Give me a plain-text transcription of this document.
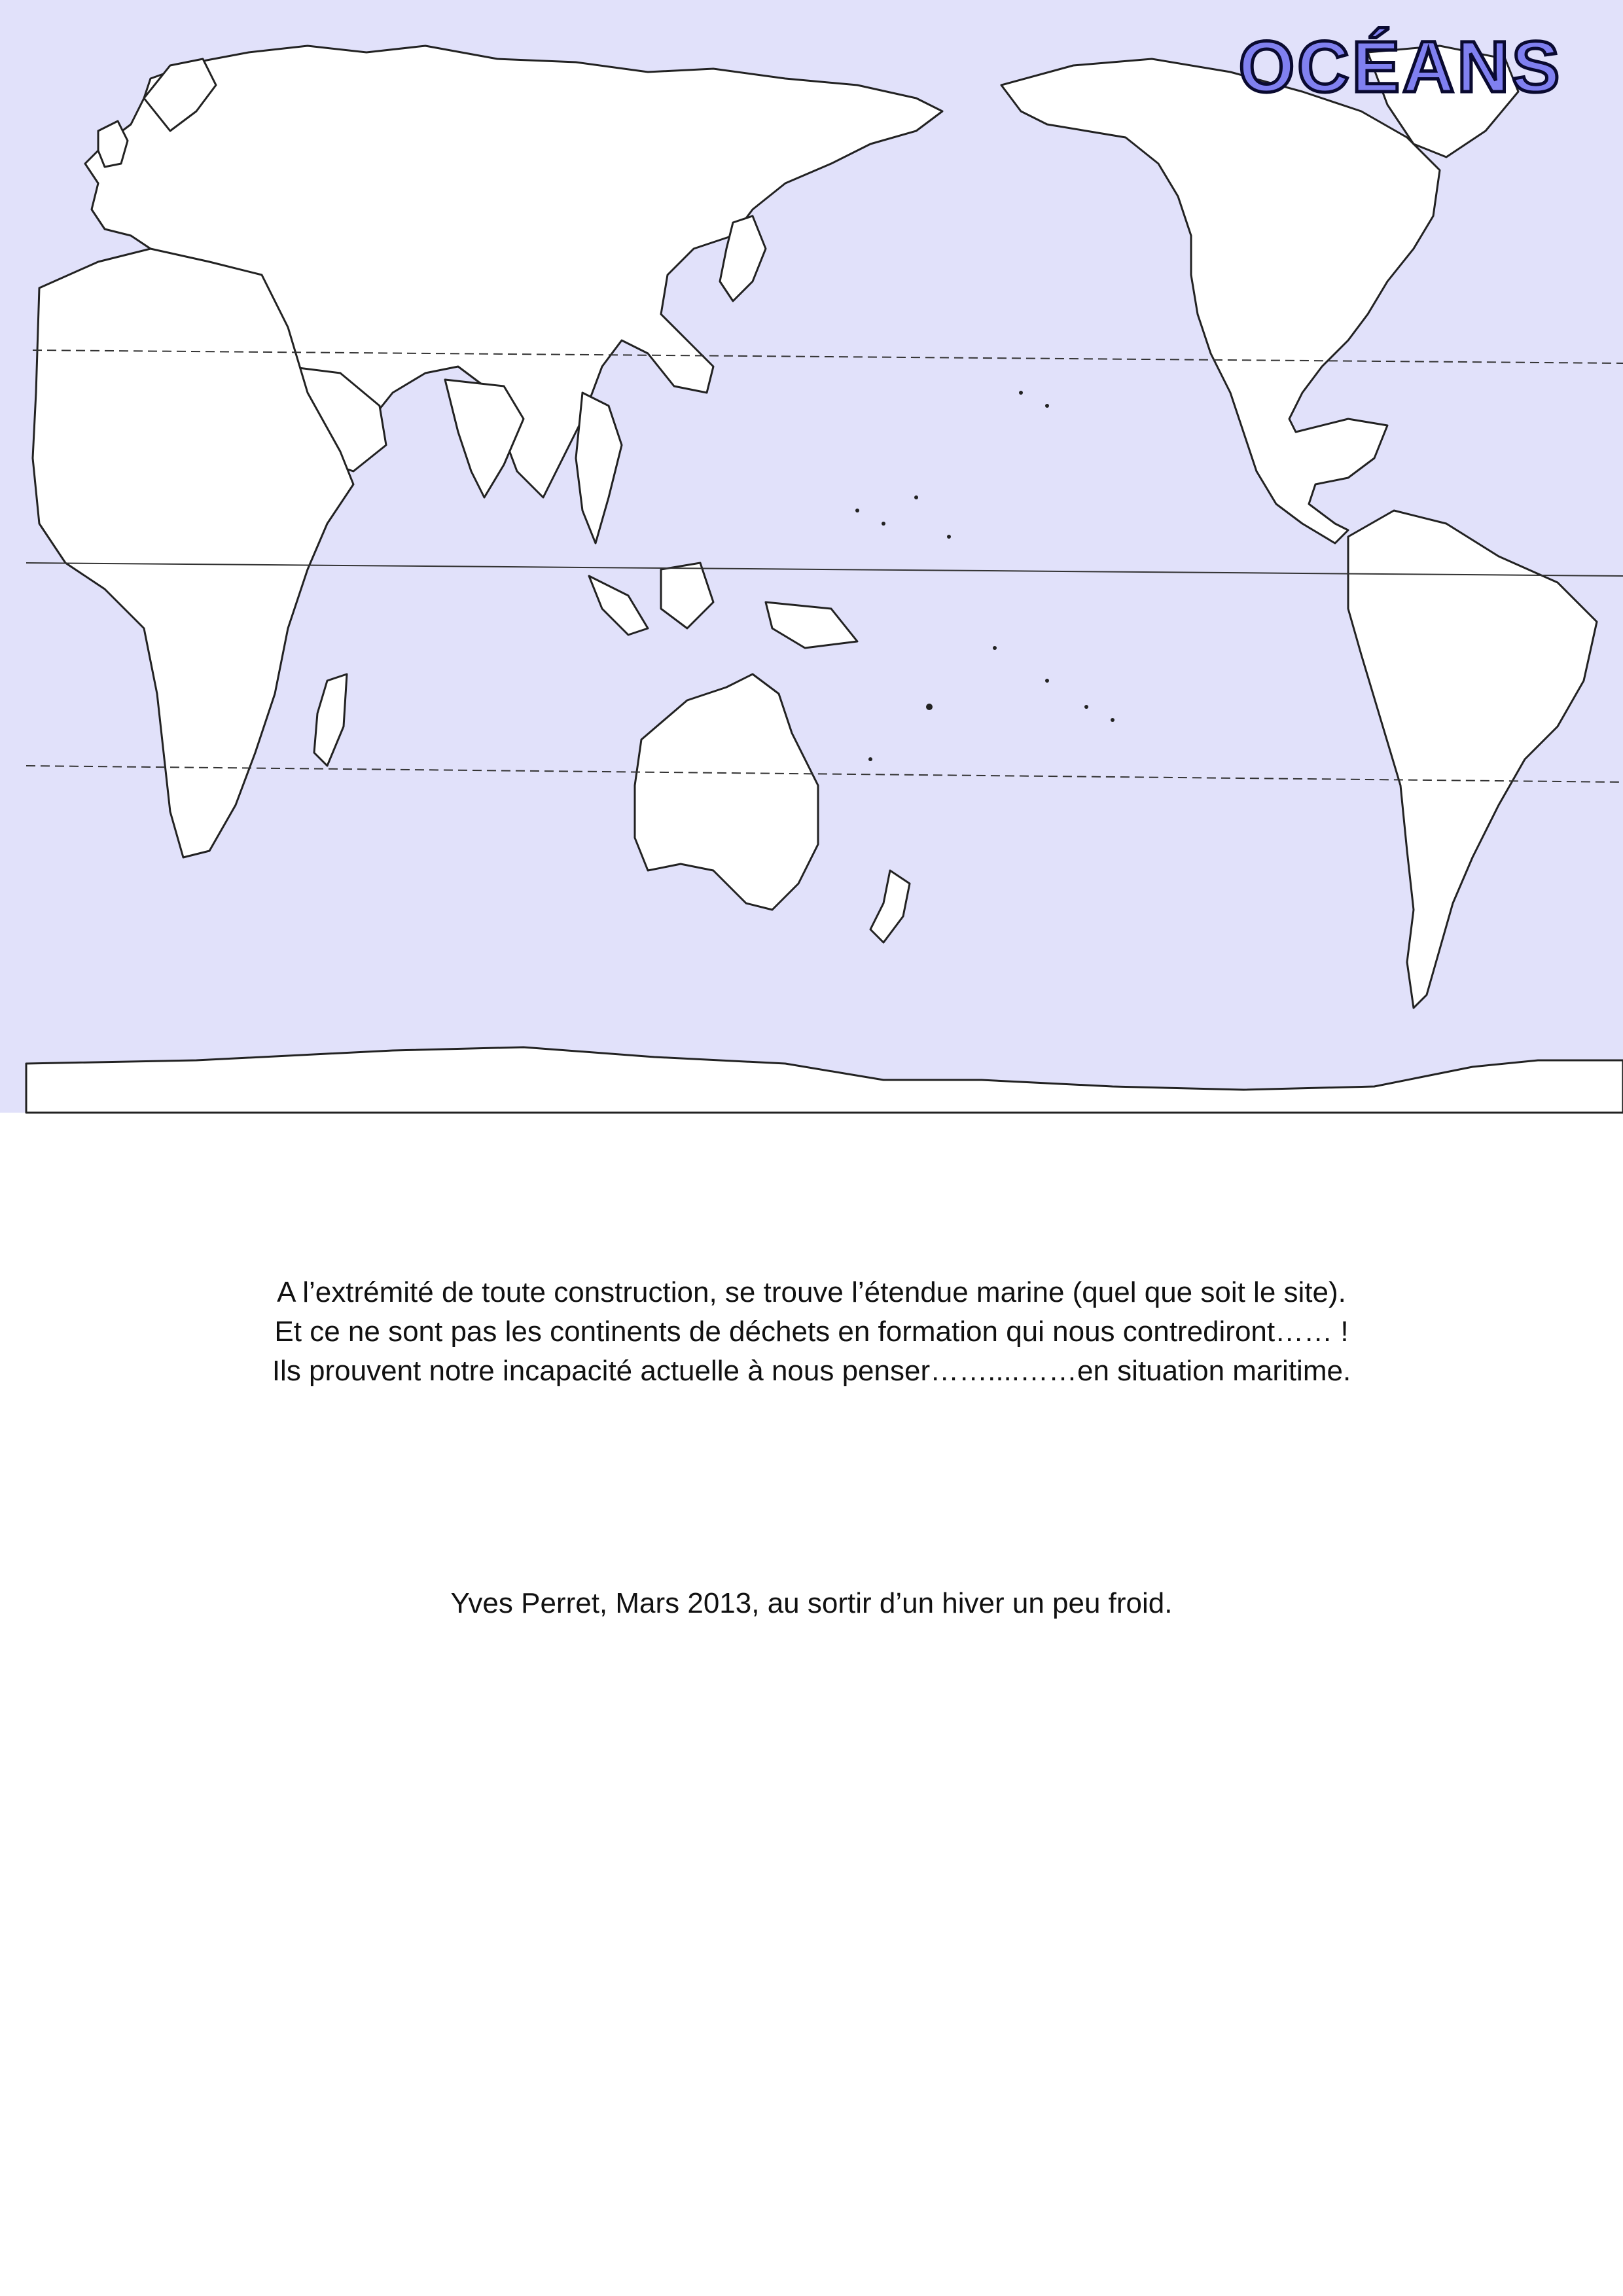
OCÉANS

A l’extrémité de toute construction, se trouve l’étendue marine (quel que soit le site).

Et ce ne sont pas les continents de déchets en formation qui nous contrediront…… !

Ils prouvent notre incapacité actuelle à nous penser……....……en situation maritime.

Yves Perret, Mars 2013, au sortir d’un hiver un peu froid.
